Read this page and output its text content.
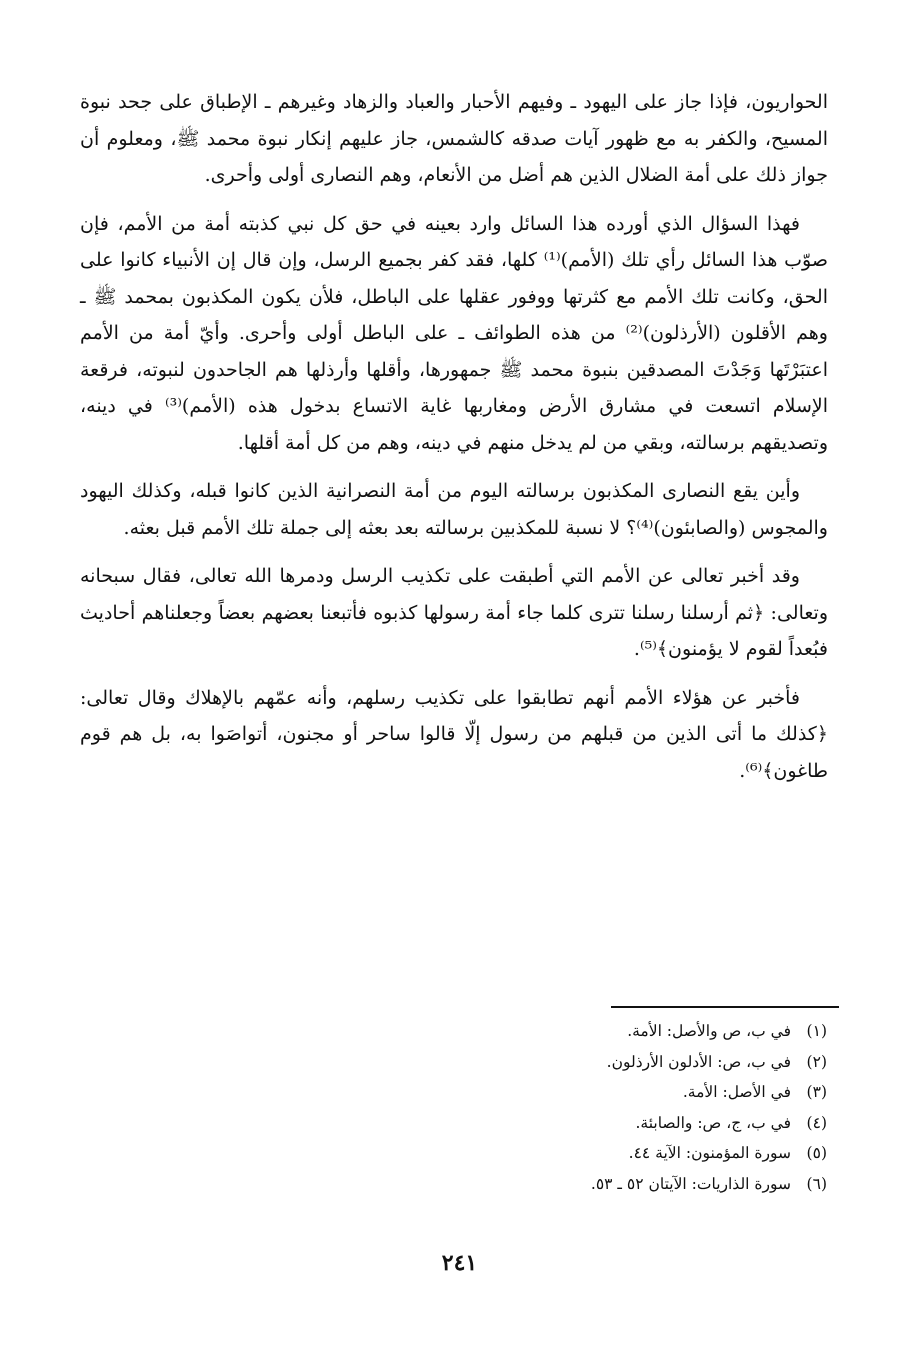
الحواريون، فإذا جاز على اليهود ـ وفيهم الأحبار والعباد والزهاد وغيرهم ـ الإطباق على جحد نبوة المسيح، والكفر به مع ظهور آيات صدقه كالشمس، جاز عليهم إنكار نبوة محمد ﷺ، ومعلوم أن جواز ذلك على أمة الضلال الذين هم أضل من الأنعام، وهم النصارى أولى وأحرى.

فهذا السؤال الذي أورده هذا السائل وارد بعينه في حق كل نبي كذبته أمة من الأمم، فإن صوّب هذا السائل رأي تلك (الأمم)⁽¹⁾ كلها، فقد كفر بجميع الرسل، وإن قال إن الأنبياء كانوا على الحق، وكانت تلك الأمم مع كثرتها ووفور عقلها على الباطل، فلأن يكون المكذبون بمحمد ﷺ ـ وهم الأقلون (الأرذلون)⁽²⁾ من هذه الطوائف ـ على الباطل أولى وأحرى. وأيّ أمة من الأمم اعتبَرْتَها وَجَدْتَ المصدقين بنبوة محمد ﷺ جمهورها، وأقلها وأرذلها هم الجاحدون لنبوته، فرقعة الإسلام اتسعت في مشارق الأرض ومغاربها غاية الاتساع بدخول هذه (الأمم)⁽³⁾ في دينه، وتصديقهم برسالته، وبقي من لم يدخل منهم في دينه، وهم من كل أمة أقلها.

وأين يقع النصارى المكذبون برسالته اليوم من أمة النصرانية الذين كانوا قبله، وكذلك اليهود والمجوس (والصابئون)⁽⁴⁾؟ لا نسبة للمكذبين برسالته بعد بعثه إلى جملة تلك الأمم قبل بعثه.

وقد أخبر تعالى عن الأمم التي أطبقت على تكذيب الرسل ودمرها الله تعالى، فقال سبحانه وتعالى: ﴿ثم أرسلنا رسلنا تترى كلما جاء أمة رسولها كذبوه فأتبعنا بعضهم بعضاً وجعلناهم أحاديث فبُعداً لقوم لا يؤمنون﴾⁽⁵⁾.

فأخبر عن هؤلاء الأمم أنهم تطابقوا على تكذيب رسلهم، وأنه عمّهم بالإهلاك وقال تعالى: ﴿كذلك ما أتى الذين من قبلهم من رسول إلّا قالوا ساحر أو مجنون، أتواصَوا به، بل هم قوم طاغون﴾⁽⁶⁾.

(١)
في ب، ص والأصل: الأمة.
(٢)
في ب، ص: الأدلون الأرذلون.
(٣)
في الأصل: الأمة.
(٤)
في ب، ج، ص: والصابئة.
(٥)
سورة المؤمنون: الآية ٤٤.
(٦)
سورة الذاريات: الآيتان ٥٢ ـ ٥٣.
٢٤١
